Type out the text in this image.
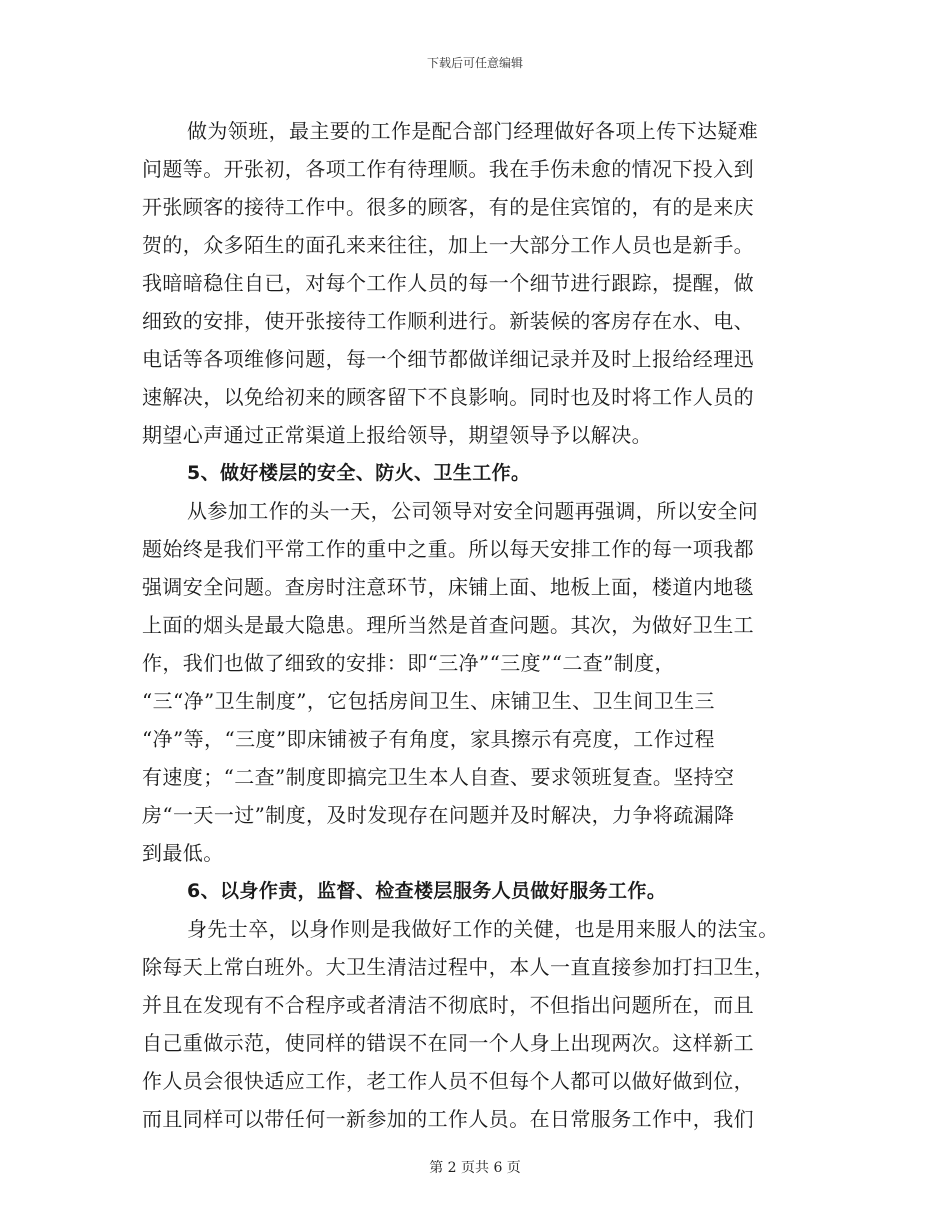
下载后可任意编辑
做为领班，最主要的工作是配合部门经理做好各项上传下达疑难
问题等。开张初，各项工作有待理顺。我在手伤未愈的情况下投入到
开张顾客的接待工作中。很多的顾客，有的是住宾馆的，有的是来庆
贺的，众多陌生的面孔来来往往，加上一大部分工作人员也是新手。
我暗暗稳住自已，对每个工作人员的每一个细节进行跟踪，提醒，做
细致的安排，使开张接待工作顺利进行。新装候的客房存在水、电、
电话等各项维修问题，每一个细节都做详细记录并及时上报给经理迅
速解决，以免给初来的顾客留下不良影响。同时也及时将工作人员的
期望心声通过正常渠道上报给领导，期望领导予以解决。
5、做好楼层的安全、防火、卫生工作。
从参加工作的头一天，公司领导对安全问题再强调，所以安全问
题始终是我们平常工作的重中之重。所以每天安排工作的每一项我都
强调安全问题。查房时注意环节，床铺上面、地板上面，楼道内地毯
上面的烟头是最大隐患。理所当然是首查问题。其次，为做好卫生工
作，我们也做了细致的安排：即“三净”“三度”“二查”制度，
“三“净”卫生制度”，它包括房间卫生、床铺卫生、卫生间卫生三
“净”等，“三度”即床铺被子有角度，家具擦示有亮度，工作过程
有速度；“二查”制度即搞完卫生本人自查、要求领班复查。坚持空
房“一天一过”制度，及时发现存在问题并及时解决，力争将疏漏降
到最低。
6、以身作责，监督、检查楼层服务人员做好服务工作。
身先士卒，以身作则是我做好工作的关健，也是用来服人的法宝。
除每天上常白班外。大卫生清洁过程中，本人一直直接参加打扫卫生，
并且在发现有不合程序或者清洁不彻底时，不但指出问题所在，而且
自己重做示范，使同样的错误不在同一个人身上出现两次。这样新工
作人员会很快适应工作，老工作人员不但每个人都可以做好做到位，
而且同样可以带任何一新参加的工作人员。在日常服务工作中，我们
第 2 页共 6 页
